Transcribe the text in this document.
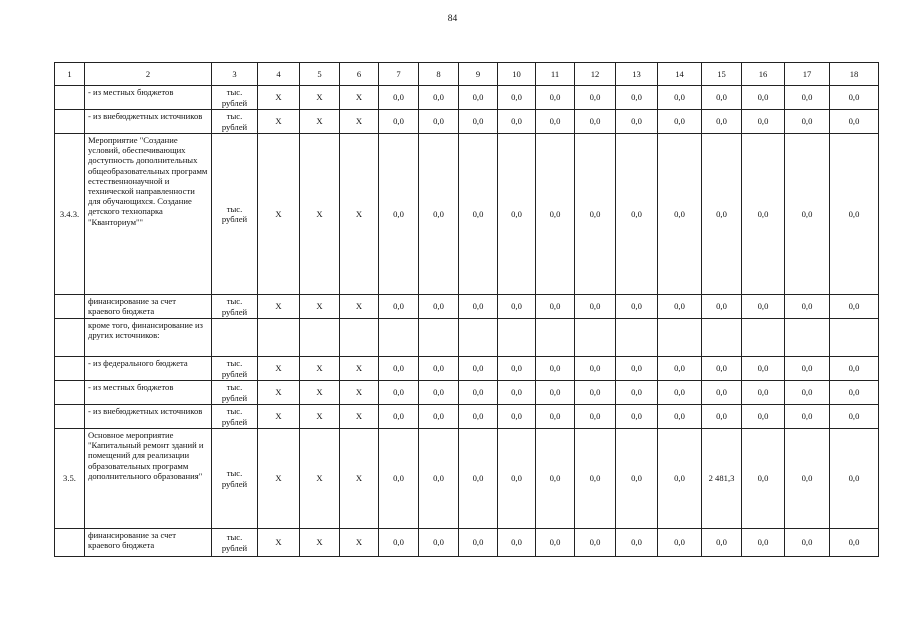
84
1	2	3	4	5	6	7	8	9	10	11	12	13	14	15	16	17	18
	- из местных бюджетов	тыс. рублей	X	X	X	0,0	0,0	0,0	0,0	0,0	0,0	0,0	0,0	0,0	0,0	0,0	0,0
	- из внебюджетных источников	тыс. рублей	X	X	X	0,0	0,0	0,0	0,0	0,0	0,0	0,0	0,0	0,0	0,0	0,0	0,0
3.4.3.	Мероприятие "Создание условий, обеспечивающих доступность дополнительных общеобразовательных программ естественнонаучной и технической направленности для обучающихся. Создание детского технопарка "Кванториум""	тыс. рублей	X	X	X	0,0	0,0	0,0	0,0	0,0	0,0	0,0	0,0	0,0	0,0	0,0	0,0
	финансирование за счет краевого бюджета	тыс. рублей	X	X	X	0,0	0,0	0,0	0,0	0,0	0,0	0,0	0,0	0,0	0,0	0,0	0,0
	кроме того, финансирование из других источников:																
	- из федерального бюджета	тыс. рублей	X	X	X	0,0	0,0	0,0	0,0	0,0	0,0	0,0	0,0	0,0	0,0	0,0	0,0
	- из местных бюджетов	тыс. рублей	X	X	X	0,0	0,0	0,0	0,0	0,0	0,0	0,0	0,0	0,0	0,0	0,0	0,0
	- из внебюджетных источников	тыс. рублей	X	X	X	0,0	0,0	0,0	0,0	0,0	0,0	0,0	0,0	0,0	0,0	0,0	0,0
3.5.	Основное мероприятие "Капитальный ремонт зданий и помещений для реализации образовательных программ дополнительного образования"	тыс. рублей	X	X	X	0,0	0,0	0,0	0,0	0,0	0,0	0,0	0,0	2 481,3	0,0	0,0	0,0
	финансирование за счет краевого бюджета	тыс. рублей	X	X	X	0,0	0,0	0,0	0,0	0,0	0,0	0,0	0,0	0,0	0,0	0,0	0,0
